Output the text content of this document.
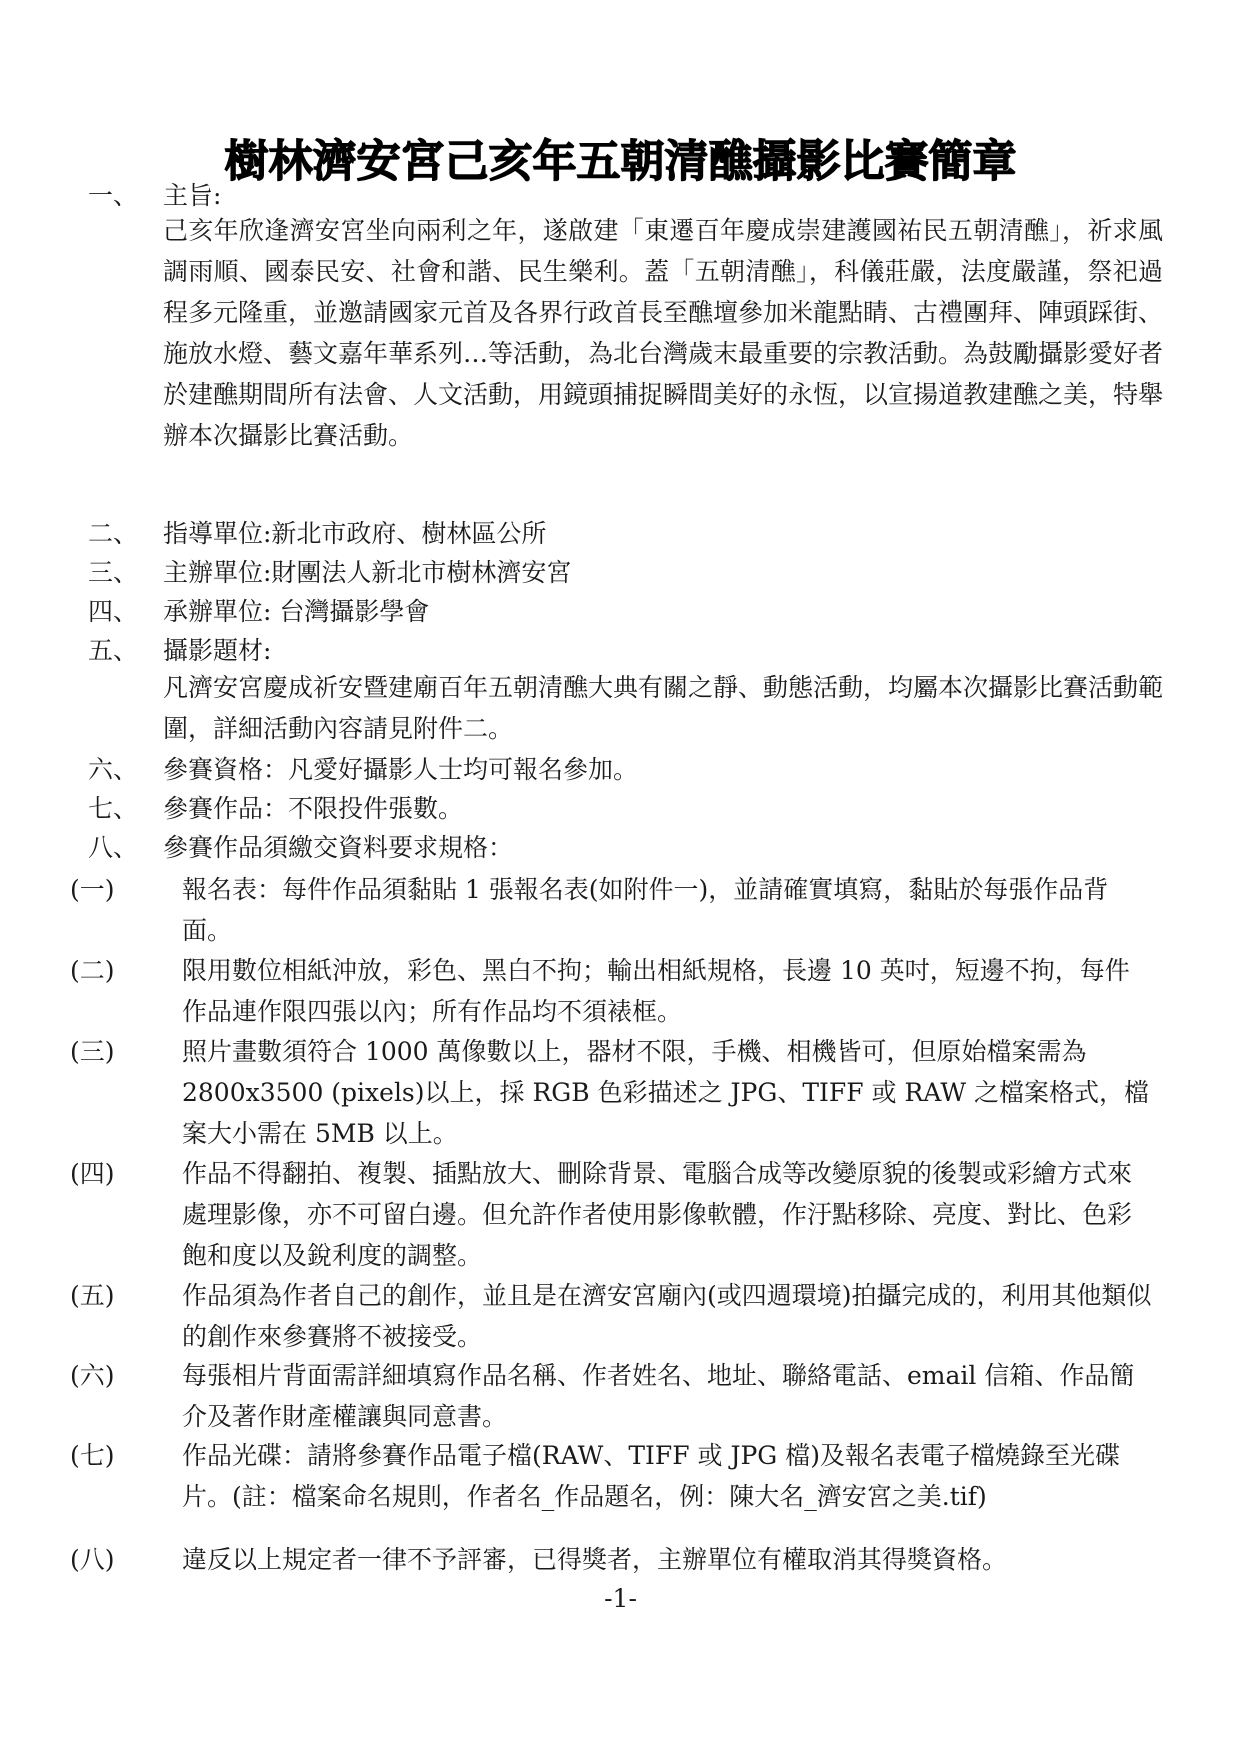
樹林濟安宮己亥年五朝清醮攝影比賽簡章
一、 主旨:
己亥年欣逢濟安宮坐向兩利之年，遂啟建「東遷百年慶成崇建護國祐民五朝清醮」，祈求風調雨順、國泰民安、社會和諧、民生樂利。蓋「五朝清醮」，科儀莊嚴，法度嚴謹，祭祀過程多元隆重，並邀請國家元首及各界行政首長至醮壇參加米龍點睛、古禮團拜、陣頭踩街、施放水燈、藝文嘉年華系列…等活動，為北台灣歲末最重要的宗教活動。為鼓勵攝影愛好者於建醮期間所有法會、人文活動，用鏡頭捕捉瞬間美好的永恆，以宣揚道教建醮之美，特舉辦本次攝影比賽活動。
二、 指導單位:新北市政府、樹林區公所
三、 主辦單位:財團法人新北市樹林濟安宮
四、 承辦單位: 台灣攝影學會
五、 攝影題材:
凡濟安宮慶成祈安暨建廟百年五朝清醮大典有關之靜、動態活動，均屬本次攝影比賽活動範圍，詳細活動內容請見附件二。
六、 參賽資格：凡愛好攝影人士均可報名參加。
七、 參賽作品：不限投件張數。
八、 參賽作品須繳交資料要求規格：
(一)	報名表：每件作品須黏貼 1 張報名表(如附件一)，並請確實填寫，黏貼於每張作品背面。
(二)	限用數位相紙沖放，彩色、黑白不拘；輸出相紙規格，長邊 10 英吋，短邊不拘，每件作品連作限四張以內；所有作品均不須裱框。
(三)	照片畫數須符合 1000 萬像數以上，器材不限，手機、相機皆可，但原始檔案需為 2800x3500 (pixels)以上，採 RGB 色彩描述之 JPG、TIFF 或 RAW 之檔案格式，檔案大小需在 5MB 以上。
(四)	作品不得翻拍、複製、插點放大、刪除背景、電腦合成等改變原貌的後製或彩繪方式來處理影像，亦不可留白邊。但允許作者使用影像軟體，作汙點移除、亮度、對比、色彩飽和度以及銳利度的調整。
(五)	作品須為作者自己的創作，並且是在濟安宮廟內(或四週環境)拍攝完成的，利用其他類似的創作來參賽將不被接受。
(六)	每張相片背面需詳細填寫作品名稱、作者姓名、地址、聯絡電話、email 信箱、作品簡介及著作財產權讓與同意書。
(七)	作品光碟：請將參賽作品電子檔(RAW、TIFF 或 JPG 檔)及報名表電子檔燒錄至光碟片。(註：檔案命名規則，作者名_作品題名，例：陳大名_濟安宮之美.tif)
(八)	違反以上規定者一律不予評審，已得獎者，主辦單位有權取消其得獎資格。
-1-
